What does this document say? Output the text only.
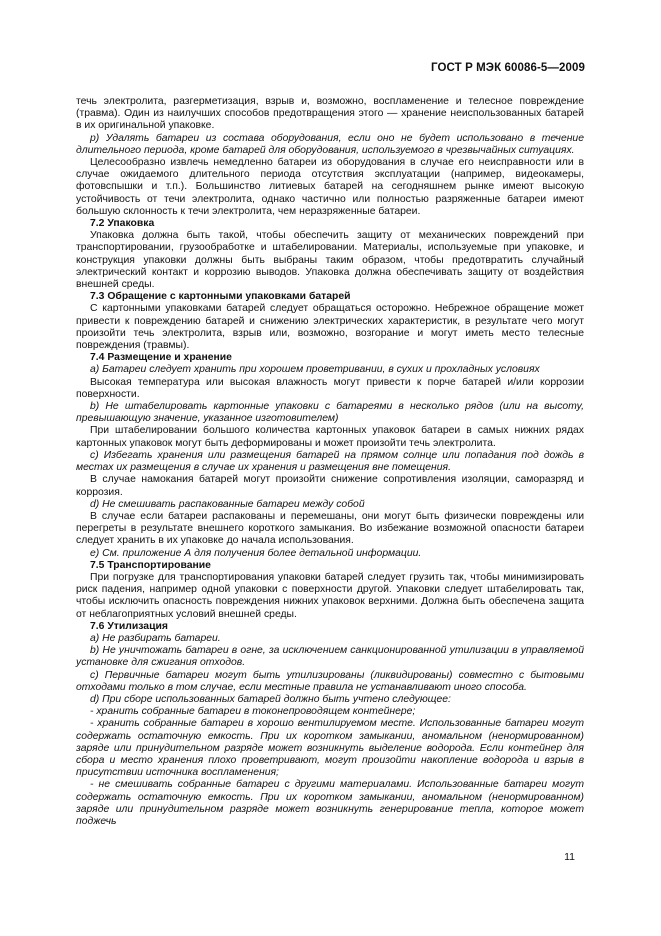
ГОСТ Р МЭК 60086-5—2009

течь электролита, разгерметизация, взрыв и, возможно, воспламенение и телесное повреждение (травма). Один из наилучших способов предотвращения этого — хранение неиспользованных батарей в их оригинальной упаковке.

p) Удалять батареи из состава оборудования, если оно не будет использовано в течение длительного периода, кроме батарей для оборудования, используемого в чрезвычайных ситуациях.

Целесообразно извлечь немедленно батареи из оборудования в случае его неисправности или в случае ожидаемого длительного периода отсутствия эксплуатации (например, видеокамеры, фотовспышки и т.п.). Большинство литиевых батарей на сегодняшнем рынке имеют высокую устойчивость от течи электролита, однако частично или полностью разряженные батареи имеют большую склонность к течи электролита, чем неразряженные батареи.

7.2 Упаковка

Упаковка должна быть такой, чтобы обеспечить защиту от механических повреждений при транспортировании, грузообработке и штабелировании. Материалы, используемые при упаковке, и конструкция упаковки должны быть выбраны таким образом, чтобы предотвратить случайный электрический контакт и коррозию выводов. Упаковка должна обеспечивать защиту от воздействия внешней среды.

7.3 Обращение с картонными упаковками батарей

С картонными упаковками батарей следует обращаться осторожно. Небрежное обращение может привести к повреждению батарей и снижению электрических характеристик, в результате чего могут произойти течь электролита, взрыв или, возможно, возгорание и могут иметь место телесные повреждения (травмы).

7.4 Размещение и хранение

a) Батареи следует хранить при хорошем проветривании, в сухих и прохладных условиях

Высокая температура или высокая влажность могут привести к порче батарей и/или коррозии поверхности.

b) Не штабелировать картонные упаковки с батареями в несколько рядов (или на высоту, превышающую значение, указанное изготовителем)

При штабелировании большого количества картонных упаковок батареи в самых нижних рядах картонных упаковок могут быть деформированы и может произойти течь электролита.

c) Избегать хранения или размещения батарей на прямом солнце или попадания под дождь в местах их размещения в случае их хранения и размещения вне помещения.

В случае намокания батарей могут произойти снижение сопротивления изоляции, саморазряд и коррозия.

d) Не смешивать распакованные батареи между собой

В случае если батареи распакованы и перемешаны, они могут быть физически повреждены или перегреты в результате внешнего короткого замыкания. Во избежание возможной опасности батареи следует хранить в их упаковке до начала использования.

e) См. приложение А для получения более детальной информации.

7.5 Транспортирование

При погрузке для транспортирования упаковки батарей следует грузить так, чтобы минимизировать риск падения, например одной упаковки с поверхности другой. Упаковки следует штабелировать так, чтобы исключить опасность повреждения нижних упаковок верхними. Должна быть обеспечена защита от неблагоприятных условий внешней среды.

7.6 Утилизация

a) Не разбирать батареи.

b) Не уничтожать батареи в огне, за исключением санкционированной утилизации в управляемой установке для сжигания отходов.

c) Первичные батареи могут быть утилизированы (ликвидированы) совместно с бытовыми отходами только в том случае, если местные правила не устанавливают иного способа.

d) При сборе использованных батарей должно быть учтено следующее:

- хранить собранные батареи в токонепроводящем контейнере;

- хранить собранные батареи в хорошо вентилируемом месте. Использованные батареи могут содержать остаточную емкость. При их коротком замыкании, аномальном (ненормированном) заряде или принудительном разряде может возникнуть выделение водорода. Если контейнер для сбора и место хранения плохо проветривают, могут произойти накопление водорода и взрыв в присутствии источника воспламенения;

- не смешивать собранные батареи с другими материалами. Использованные батареи могут содержать остаточную емкость. При их коротком замыкании, аномальном (ненормированном) заряде или принудительном разряде может возникнуть генерирование тепла, которое может поджечь

11
